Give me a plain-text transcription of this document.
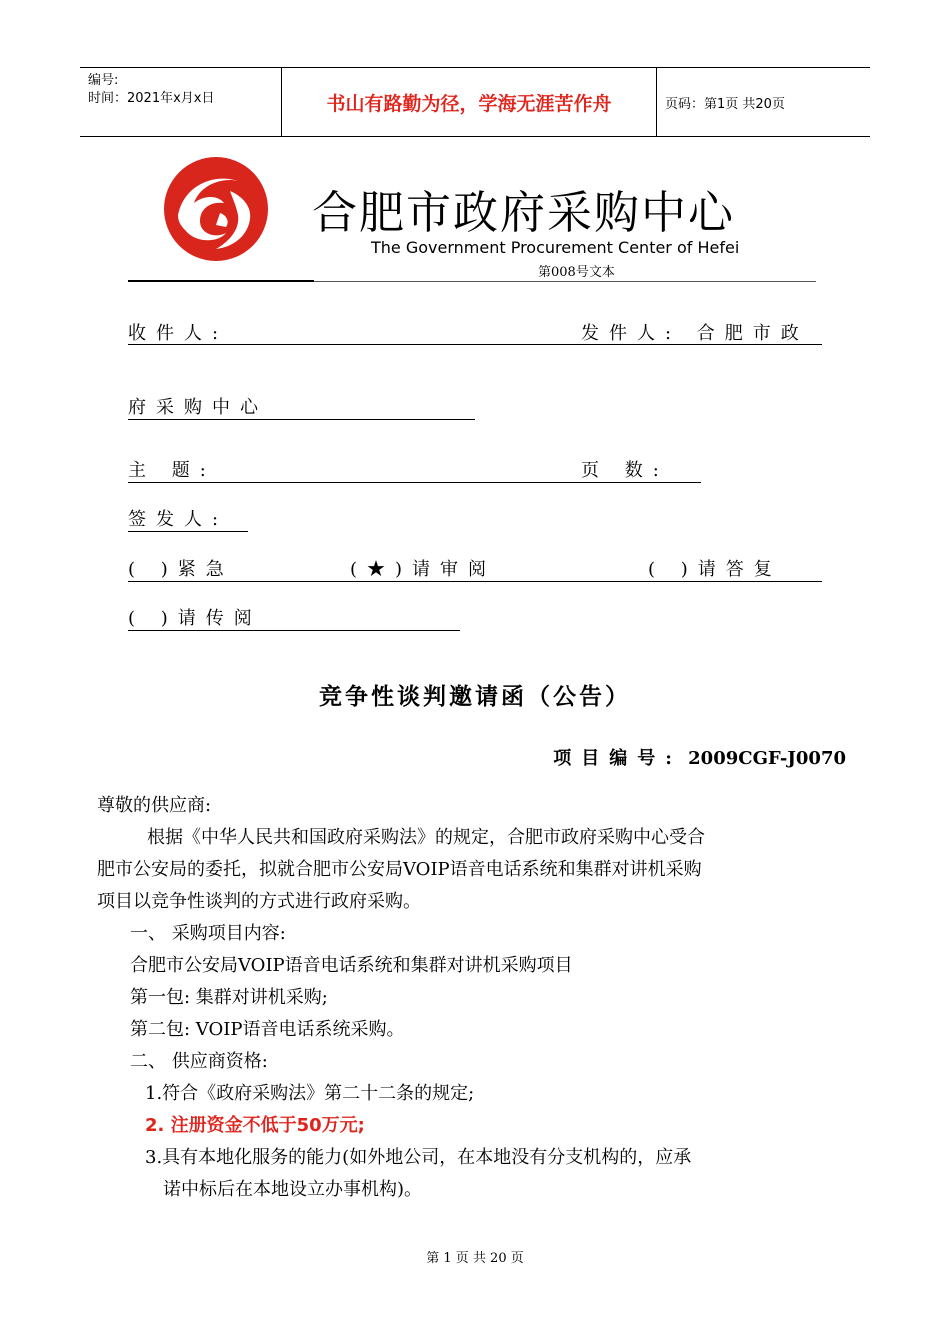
编号:
时间：2021年x月x日	书山有路勤为径，学海无涯苦作舟	页码：第1页 共20页
合肥市政府采购中心
The Government Procurement Center of Hefei
第008号文本
收件人:	发件人: 合肥市政
府采购中心
主 题:	页 数:
签发人:
( )紧急	(★)请审阅	( )请答复
( )请传阅
竞争性谈判邀请函（公告）
项目编号: 2009CGF-J0070
尊敬的供应商:
根据《中华人民共和国政府采购法》的规定，合肥市政府采购中心受合
肥市公安局的委托，拟就合肥市公安局VOIP语音电话系统和集群对讲机采购
项目以竞争性谈判的方式进行政府采购。
一、 采购项目内容:
合肥市公安局VOIP语音电话系统和集群对讲机采购项目
第一包: 集群对讲机采购;
第二包: VOIP语音电话系统采购。
二、 供应商资格:
1.符合《政府采购法》第二十二条的规定;
2. 注册资金不低于50万元;
3.具有本地化服务的能力(如外地公司，在本地没有分支机构的，应承
诺中标后在本地设立办事机构)。
第 1 页 共 20 页
